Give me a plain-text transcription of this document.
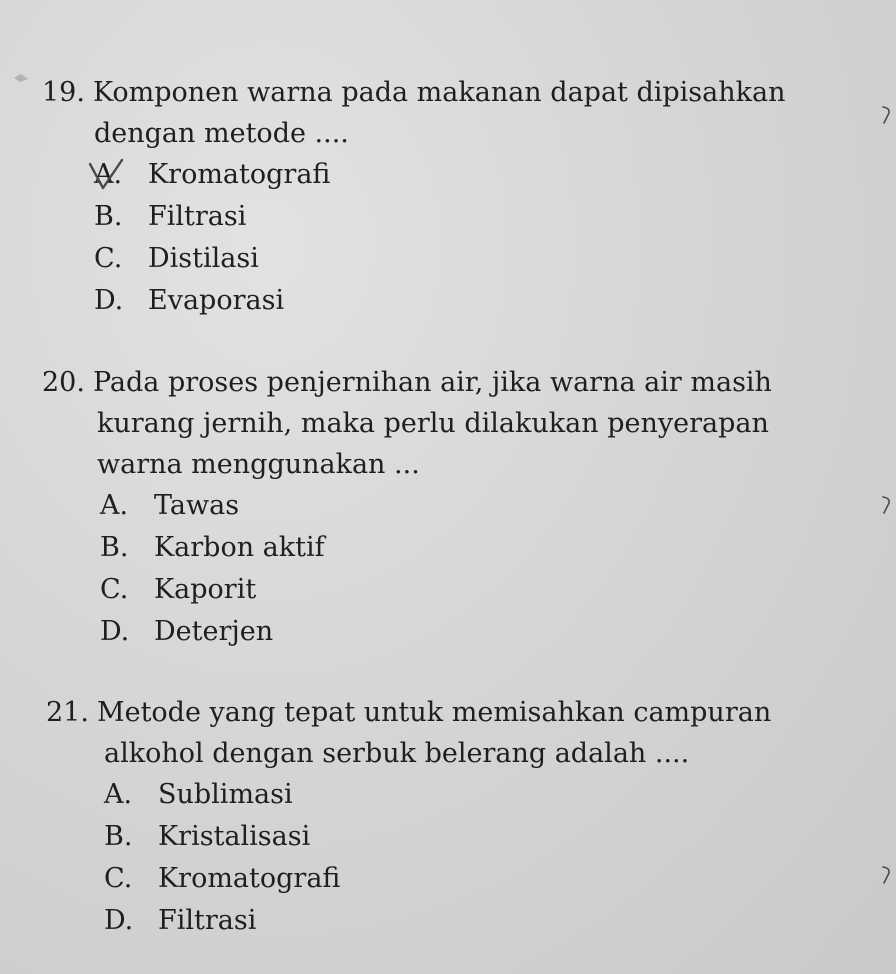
19. Komponen warna pada makanan dapat dipisahkan
dengan metode ....
A. Kromatografi
B. Filtrasi
C. Distilasi
D. Evaporasi
20. Pada proses penjernihan air, jika warna air masih
kurang jernih, maka perlu dilakukan penyerapan
warna menggunakan ...
A. Tawas
B. Karbon aktif
C. Kaporit
D. Deterjen
21. Metode yang tepat untuk memisahkan campuran
alkohol dengan serbuk belerang adalah ....
A. Sublimasi
B. Kristalisasi
C. Kromatografi
D. Filtrasi
